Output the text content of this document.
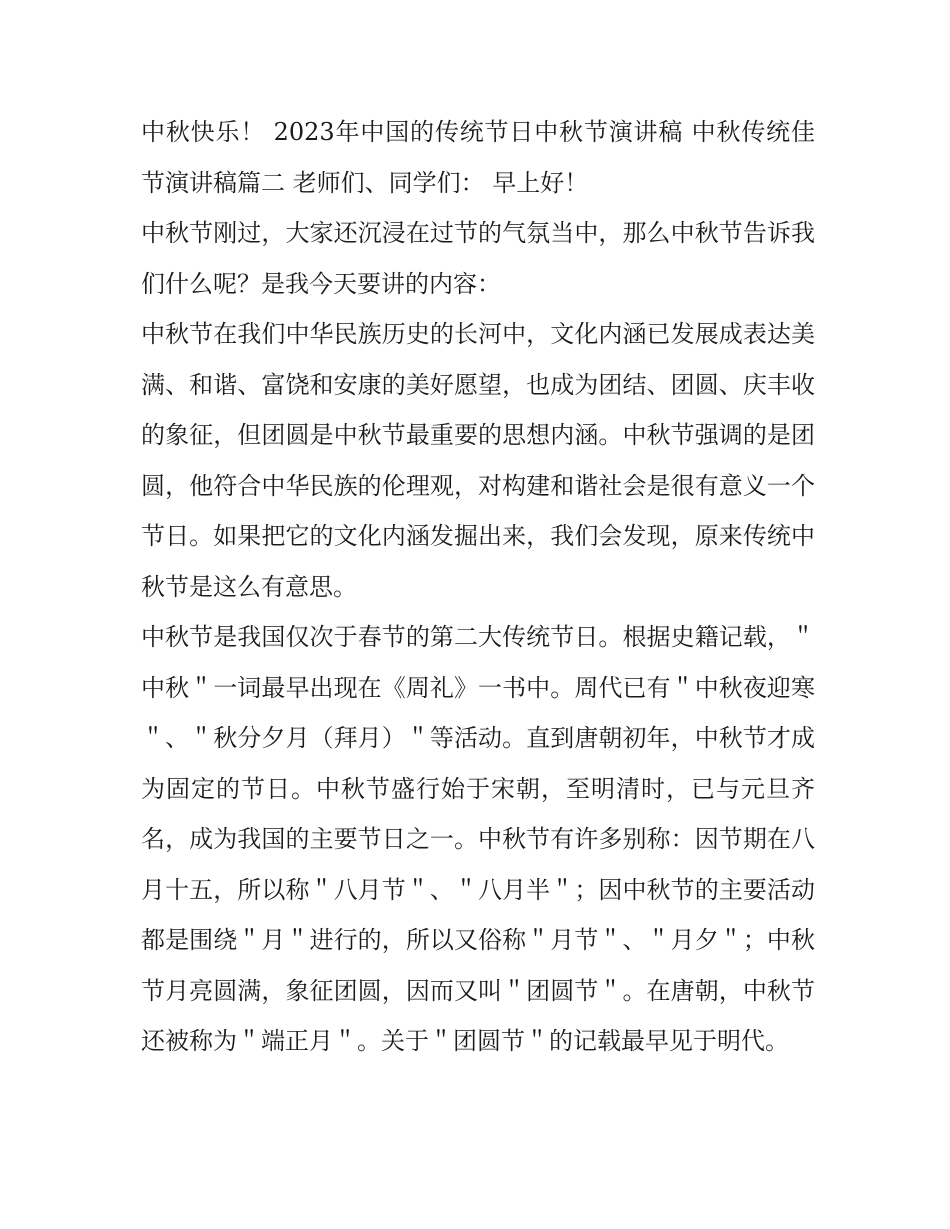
中秋快乐！ 2023年中国的传统节日中秋节演讲稿 中秋传统佳节演讲稿篇二 老师们、同学们： 早上好！

中秋节刚过，大家还沉浸在过节的气氛当中，那么中秋节告诉我们什么呢？是我今天要讲的内容：

中秋节在我们中华民族历史的长河中，文化内涵已发展成表达美满、和谐、富饶和安康的美好愿望，也成为团结、团圆、庆丰收的象征，但团圆是中秋节最重要的思想内涵。中秋节强调的是团圆，他符合中华民族的伦理观，对构建和谐社会是很有意义一个节日。如果把它的文化内涵发掘出来，我们会发现，原来传统中秋节是这么有意思。

中秋节是我国仅次于春节的第二大传统节日。根据史籍记载，＂中秋＂一词最早出现在《周礼》一书中。周代已有＂中秋夜迎寒＂、＂秋分夕月（拜月）＂等活动。直到唐朝初年，中秋节才成为固定的节日。中秋节盛行始于宋朝，至明清时，已与元旦齐名，成为我国的主要节日之一。中秋节有许多别称：因节期在八月十五，所以称＂八月节＂、＂八月半＂；因中秋节的主要活动都是围绕＂月＂进行的，所以又俗称＂月节＂、＂月夕＂；中秋节月亮圆满，象征团圆，因而又叫＂团圆节＂。在唐朝，中秋节还被称为＂端正月＂。关于＂团圆节＂的记载最早见于明代。
